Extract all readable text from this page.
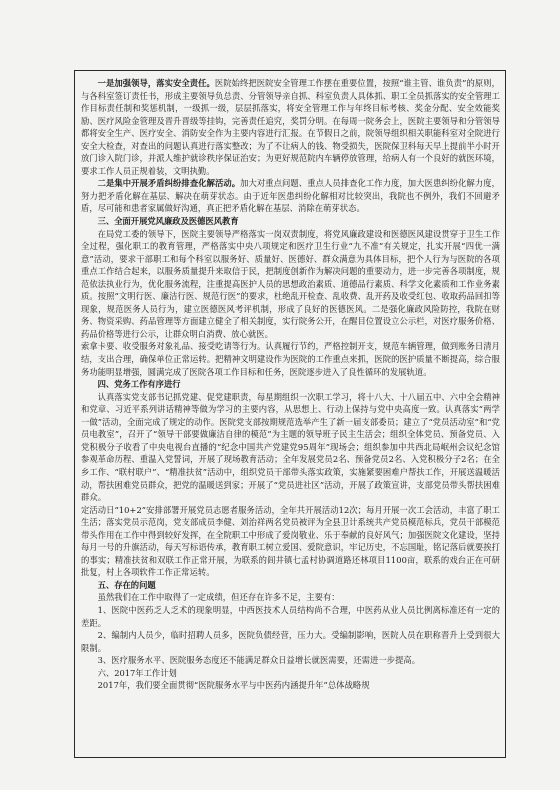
一是加强领导，落实安全责任。医院始终把医院安全管理工作摆在重要位置，按照“谁主管、谁负责”的原则，与各科室签订责任书，形成主要领导负总责、分管领导亲自抓、科室负责人具体抓、职工全员抓落实的安全管理工作目标责任制和奖惩机制，一级抓一级，层层抓落实，将安全管理工作与年终目标考核、奖金分配、安全效能奖励、医疗风险金管理及晋升晋级等挂钩，完善责任追究，奖罚分明。在每周一院务会上，医院主要领导和分管领导都将安全生产、医疗安全、消防安全作为主要内容进行汇报。在节假日之前，院领导组织相关职能科室对全院进行安全大检查，对查出的问题认真进行落实整改；为了不让病人的钱、物受损失，医院保卫科每天早上提前半小时开放门诊入院门诊，并派人维护就诊秩序保证治安；为更好规范院内车辆停放管理，给病人有一个良好的就医环境，要求工作人员正规着装，文明执勤。

二是集中开展矛盾纠纷排查化解活动。加大对重点问题、重点人员排查化工作力度，加大医患纠纷化解力度，努力把矛盾化解在基层、解决在萌芽状态。由于近年医患纠纷化解相对比较突出，我院也不例外，我们不回避矛盾，尽可能和患者家属做好沟通，真正把矛盾化解在基层、消除在萌芽状态。

三、全面开展党风廉政及医德医风教育

在局党工委的领导下，医院主要领导严格落实一岗双责制度，将党风廉政建设和医德医风建设贯穿于卫生工作全过程，强化职工的教育管理，严格落实中央八项规定和医疗卫生行业“九不准”有关规定，扎实开展“四优一满意”活动，要求干部职工和每个科室以服务好、质量好、医德好、群众满意为具体目标，把个人行为与医院的各项重点工作结合起来，以服务质量提升来取信于民，把制度创新作为解决问题的重要动力，进一步完善各项制度，规范依法执业行为，优化服务流程，注重提高医护人员的思想政治素质、道德品行素质、科学文化素质和工作业务素质。按照“文明行医、廉洁行医、规范行医”的要求，杜绝乱开检查、乱收费、乱开药及收受红包、收取药品回扣等现象，规范医务人员行为，建立医德医风考评机制，形成了良好的医德医风。二是强化廉政风险防控，我院在财务、物资采购、药品管理等方面建立健全了相关制度，实行院务公开，在醒目位置设立公示栏，对医疗服务价格、药品价格等进行公示，让群众明白消费、放心就医。

索拿卡要、收受服务对象礼品、接受吃请等行为。认真履行节约，严格控制开支，规范车辆管理，做到账务日清月结，支出合理，确保单位正常运转。把精神文明建设作为医院的工作重点来抓，医院的医护质量不断提高，综合服务功能明显增强，圆满完成了医院各项工作目标和任务，医院逐步进入了良性循环的发展轨道。

四、党务工作有序进行

认真落实党支部书记抓党建、促党建职责，每星期组织一次职工学习，将十八大、十八届五中、六中全会精神和党章、习近平系列讲话精神等做为学习的主要内容，从思想上、行动上保持与党中央高度一致。认真落实“两学一做”活动，全面完成了规定的动作。医院党支部按期规范选举产生了新一届支部委员；建立了“党员活动室”和“党员电教室”，召开了“领导干部要做廉洁自律的模范”为主题的领导班子民主生活会；组织全体党员、预备党员、入党积极分子收看了中央电视台直播的“纪念中国共产党建党95周年”现场会；组织参加中共西北局岷州会议纪念馆参观革命历程、重温入党誓词，开展了现场教育活动；全年发展党员2名、预备党员2名、入党积极分子2名；在全乡工作、“联村联户”、“精准扶贫”活动中，组织党员干部带头落实政策，实施紧要困难户帮扶工作，开展送温暖活动，帮扶困难党员群众，把党的温暖送到家；开展了“党员进社区”活动，开展了政策宣讲，支部党员带头帮扶困难群众。

定活动日“10+2”安排部署开展党员志愿者服务活动，全年共开展活动12次；每月开展一次工会活动，丰富了职工生活；落实党员示范岗，党支部成员李健、刘治祥两名党员被评为全县卫计系统共产党员模范标兵，党员干部模范带头作用在工作中得到较好发挥，在全院职工中形成了爱岗敬业、乐于奉献的良好风气；加强医院文化建设，坚持每月一号的升旗活动，每天写标语传承，教育职工树立爱国、爱院意识，牢记历史，不忘国耻，铭记落后就要挨打的事实；精准扶贫和双联工作正常开展，为联系的闾井镇七孟村协调道路还林项目1100亩，联系的戏台正在可研批复，村上各项软件工作正常运转。

五、存在的问题

虽然我们在工作中取得了一定成绩，但还存在许多不足，主要有：

1、医院中医药乏人乏术的现象明显，中西医技术人员结构尚不合理，中医药从业人员比例离标准还有一定的差距。

2、编制内人员少，临时招聘人员多，医院负债经营，压力大。受编制影响，医院人员在职称晋升上受到很大限制。

3、医疗服务水平、医院服务态度还不能满足群众日益增长就医需要，还需进一步提高。

六、2017年工作计划

2017年，我们要全面贯彻“医院服务水平与中医药内涵提升年”总体战略规
